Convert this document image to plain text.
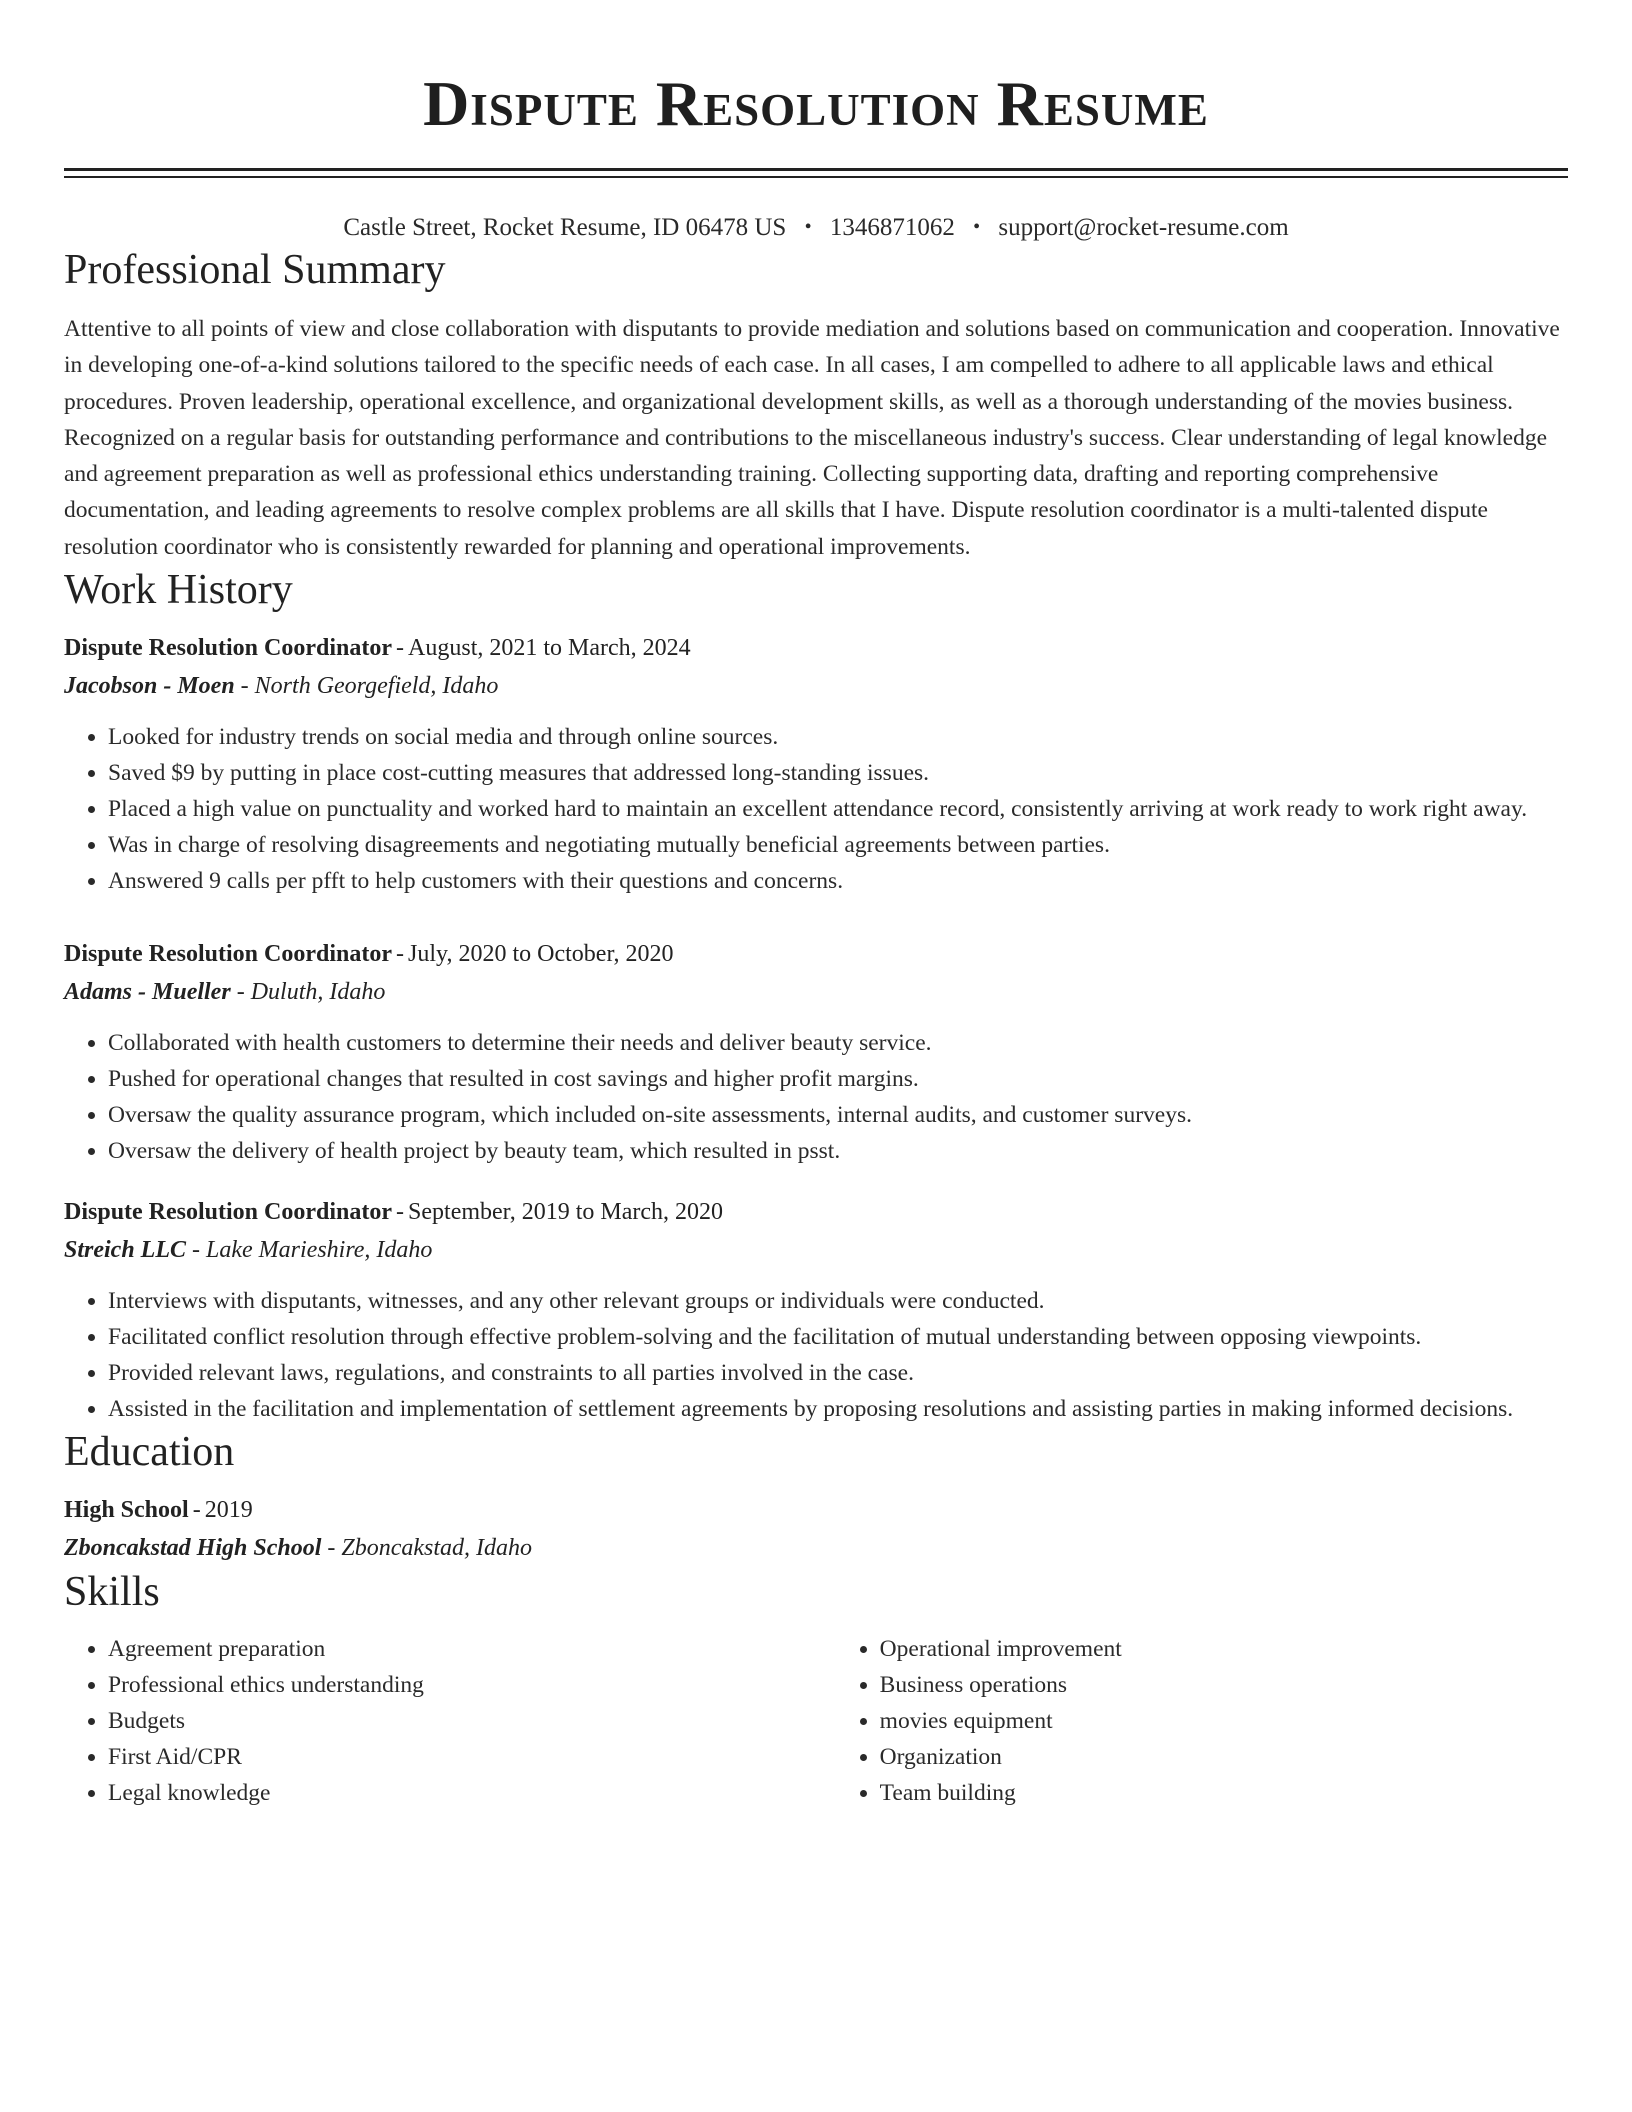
Dispute Resolution Resume
Castle Street, Rocket Resume, ID 06478 US • 1346871062 • support@rocket-resume.com
Professional Summary

Attentive to all points of view and close collaboration with disputants to provide mediation and solutions based on communication and cooperation. Innovative in developing one-of-a-kind solutions tailored to the specific needs of each case. In all cases, I am compelled to adhere to all applicable laws and ethical procedures. Proven leadership, operational excellence, and organizational development skills, as well as a thorough understanding of the movies business. Recognized on a regular basis for outstanding performance and contributions to the miscellaneous industry's success. Clear understanding of legal knowledge and agreement preparation as well as professional ethics understanding training. Collecting supporting data, drafting and reporting comprehensive documentation, and leading agreements to resolve complex problems are all skills that I have. Dispute resolution coordinator is a multi-talented dispute resolution coordinator who is consistently rewarded for planning and operational improvements.

Work History
Dispute Resolution Coordinator - August, 2021 to March, 2024
Jacobson - Moen - North Georgefield, Idaho
• Looked for industry trends on social media and through online sources.
• Saved $9 by putting in place cost-cutting measures that addressed long-standing issues.
• Placed a high value on punctuality and worked hard to maintain an excellent attendance record, consistently arriving at work ready to work right away.
• Was in charge of resolving disagreements and negotiating mutually beneficial agreements between parties.
• Answered 9 calls per pfft to help customers with their questions and concerns.
Dispute Resolution Coordinator - July, 2020 to October, 2020
Adams - Mueller - Duluth, Idaho
• Collaborated with health customers to determine their needs and deliver beauty service.
• Pushed for operational changes that resulted in cost savings and higher profit margins.
• Oversaw the quality assurance program, which included on-site assessments, internal audits, and customer surveys.
• Oversaw the delivery of health project by beauty team, which resulted in psst.
Dispute Resolution Coordinator - September, 2019 to March, 2020
Streich LLC - Lake Marieshire, Idaho
• Interviews with disputants, witnesses, and any other relevant groups or individuals were conducted.
• Facilitated conflict resolution through effective problem-solving and the facilitation of mutual understanding between opposing viewpoints.
• Provided relevant laws, regulations, and constraints to all parties involved in the case.
• Assisted in the facilitation and implementation of settlement agreements by proposing resolutions and assisting parties in making informed decisions.
Education
High School - 2019
Zboncakstad High School - Zboncakstad, Idaho
Skills
• Agreement preparation
• Professional ethics understanding
• Budgets
• First Aid/CPR
• Legal knowledge
• Operational improvement
• Business operations
• movies equipment
• Organization
• Team building
